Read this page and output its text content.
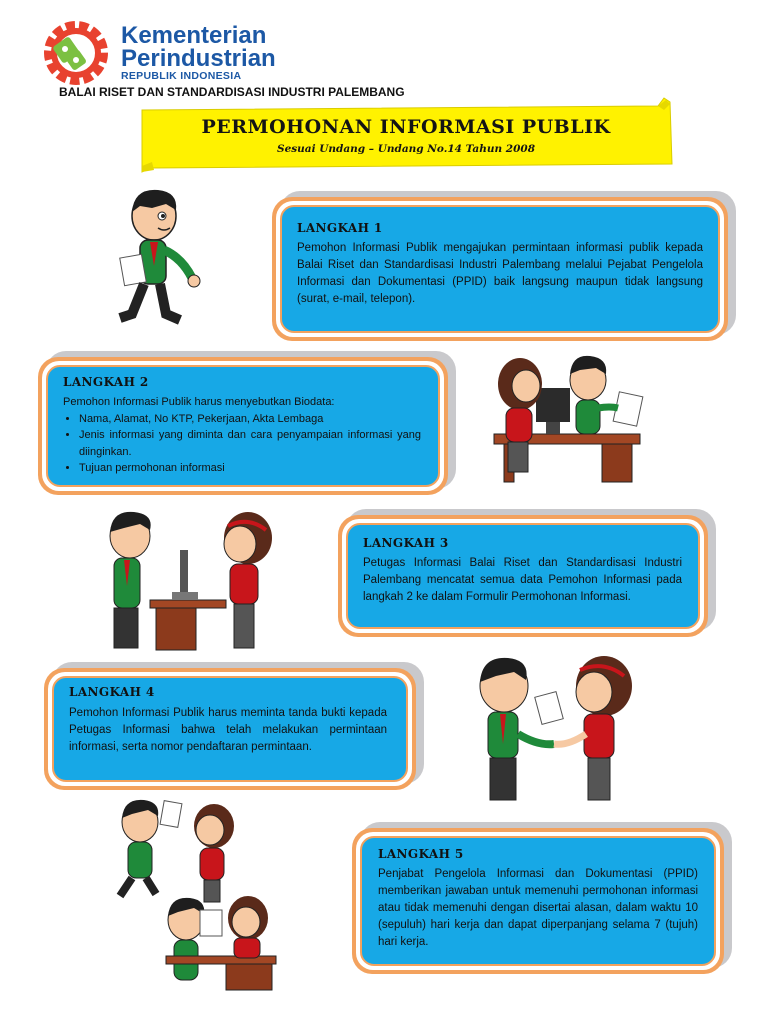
Kementerian
Perindustrian
REPUBLIK INDONESIA
BALAI RISET DAN STANDARDISASI INDUSTRI PALEMBANG
PERMOHONAN INFORMASI PUBLIK
Sesuai Undang – Undang No.14 Tahun 2008
LANGKAH 1
Pemohon Informasi Publik mengajukan permintaan informasi publik kepada Balai Riset dan Standardisasi Industri Palembang melalui Pejabat Pengelola Informasi dan Dokumentasi (PPID) baik langsung maupun tidak langsung (surat, e-mail, telepon).
LANGKAH 2
Pemohon Informasi Publik harus menyebutkan Biodata:
• Nama, Alamat, No KTP, Pekerjaan, Akta Lembaga
• Jenis informasi yang diminta dan cara penyampaian informasi yang diinginkan.
• Tujuan permohonan informasi
LANGKAH 3
Petugas Informasi Balai Riset dan Standardisasi Industri Palembang mencatat semua data Pemohon Informasi pada langkah 2 ke dalam Formulir Permohonan Informasi.
LANGKAH 4
Pemohon Informasi Publik harus meminta tanda bukti kepada Petugas Informasi bahwa telah melakukan permintaan informasi, serta nomor pendaftaran permintaan.
LANGKAH 5
Penjabat Pengelola Informasi dan Dokumentasi (PPID) memberikan jawaban untuk memenuhi permohonan informasi atau tidak memenuhi dengan disertai alasan, dalam waktu 10 (sepuluh) hari kerja dan dapat diperpanjang selama 7 (tujuh) hari kerja.
